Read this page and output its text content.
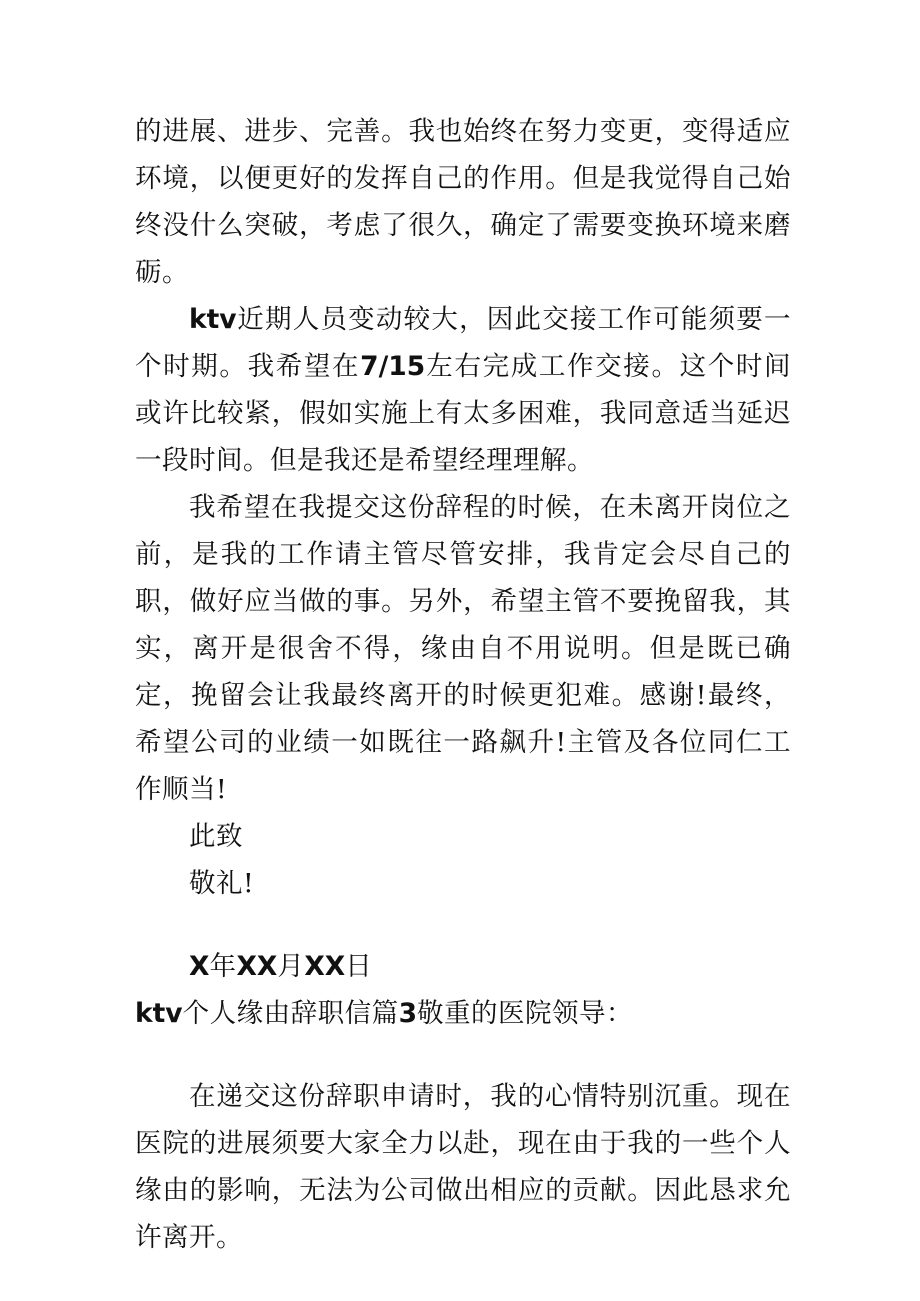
的进展、进步、完善。我也始终在努力变更，变得适应环境，以便更好的发挥自己的作用。但是我觉得自己始终没什么突破，考虑了很久，确定了需要变换环境来磨砺。

ktv近期人员变动较大，因此交接工作可能须要一个时期。我希望在7/15左右完成工作交接。这个时间或许比较紧，假如实施上有太多困难，我同意适当延迟一段时间。但是我还是希望经理理解。

我希望在我提交这份辞程的时候，在未离开岗位之前，是我的工作请主管尽管安排，我肯定会尽自己的职，做好应当做的事。另外，希望主管不要挽留我，其实，离开是很舍不得，缘由自不用说明。但是既已确定，挽留会让我最终离开的时候更犯难。感谢!最终，希望公司的业绩一如既往一路飙升!主管及各位同仁工作顺当!

此致

敬礼!

X年XX月XX日

ktv个人缘由辞职信篇3敬重的医院领导：

在递交这份辞职申请时，我的心情特别沉重。现在医院的进展须要大家全力以赴，现在由于我的一些个人缘由的影响，无法为公司做出相应的贡献。因此恳求允许离开。
